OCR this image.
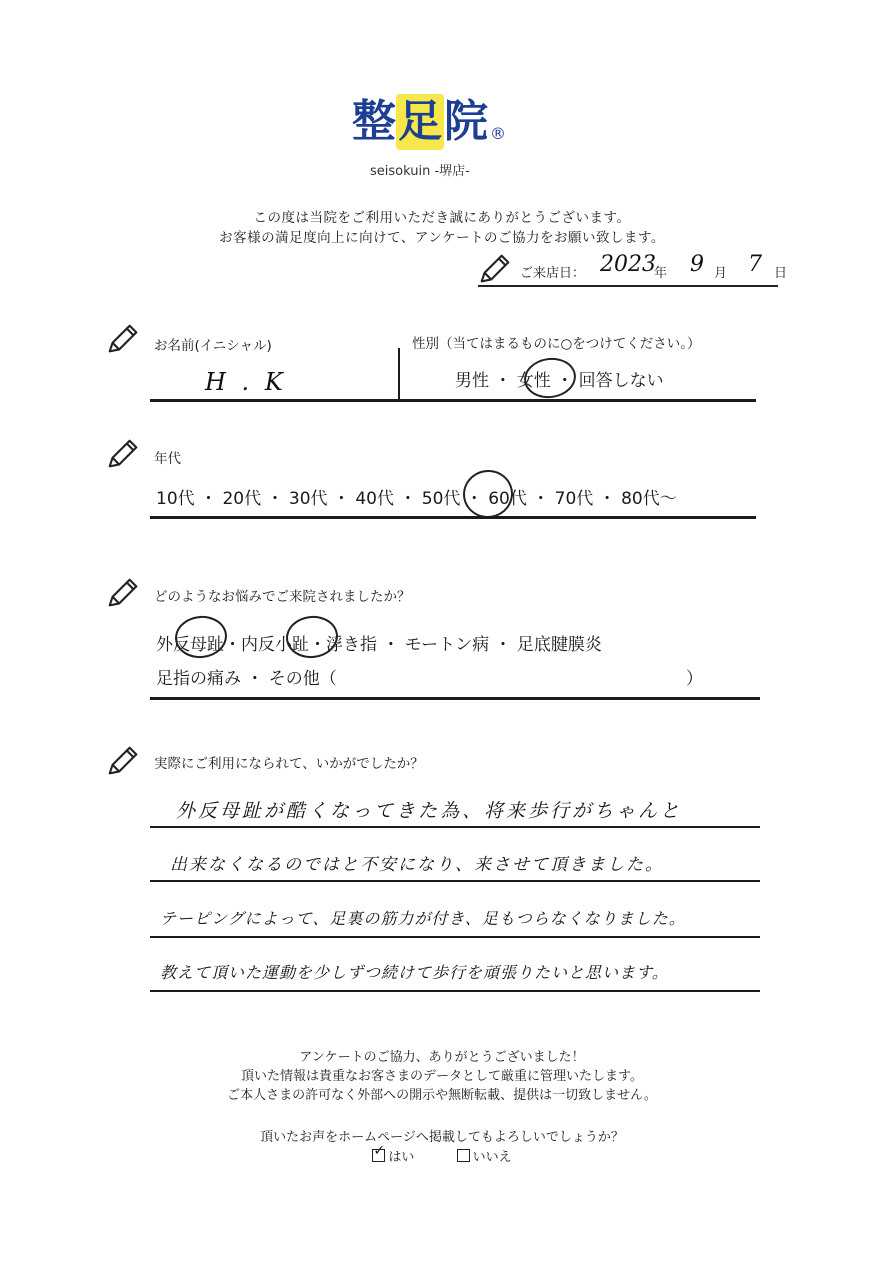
整 足 院 ®
seisokuin -堺店-
この度は当院をご利用いただき誠にありがとうございます。
お客様の満足度向上に向けて、アンケートのご協力をお願い致します。
ご来店日： 2023
年 9 月 7 日
お名前(イニシャル)
H . K
性別（当てはまるものに○をつけてください。）
男性 ・ 女性 ・ 回答しない
年代
10代 ・ 20代 ・ 30代 ・ 40代 ・ 50代 ・ 60代 ・ 70代 ・ 80代〜
どのようなお悩みでご来院されましたか？
外反母趾・内反小趾・浮き指 ・ モートン病 ・ 足底腱膜炎
足指の痛み ・ その他（	）
実際にご利用になられて、いかがでしたか？
外反母趾が酷くなってきた為、将来歩行がちゃんと
出来なくなるのではと不安になり、来させて頂きました。
テーピングによって、足裏の筋力が付き、足もつらなくなりました。
教えて頂いた運動を少しずつ続けて歩行を頑張りたいと思います。
アンケートのご協力、ありがとうございました！
頂いた情報は貴重なお客さまのデータとして厳重に管理いたします。
ご本人さまの許可なく外部への開示や無断転載、提供は一切致しません。
頂いたお声をホームページへ掲載してもよろしいでしょうか？
✓はい	いいえ
